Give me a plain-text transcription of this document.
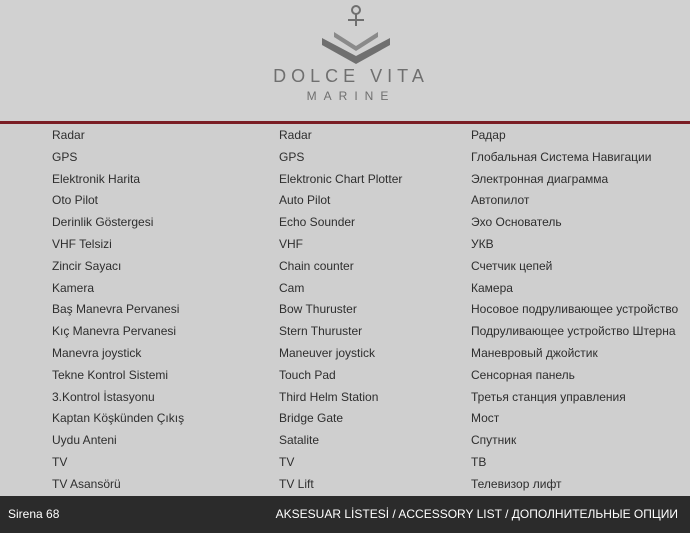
DOLCE VITA
MARINE
Radar	Radar	Радар
GPS	GPS	Глобальная Система Навигации
Elektronik Harita	Elektronic Chart Plotter	Электронная диаграмма
Oto Pilot	Auto Pilot	Автопилот
Derinlik Göstergesi	Echo Sounder	Эхо Основатель
VHF Telsizi	VHF	УКВ
Zincir Sayacı	Chain counter	Счетчик цепей
Kamera	Cam	Камера
Baş Manevra Pervanesi	Bow Thuruster	Носовое подруливающее устройство
Kıç Manevra Pervanesi	Stern Thuruster	Подруливающее устройство Штерна
Manevra joystick	Maneuver joystick	Маневровый джойстик
Tekne Kontrol Sistemi	Touch Pad	Сенсорная панель
3.Kontrol İstasyonu	Third Helm Station	Третья станция управления
Kaptan Köşkünden Çıkış	Bridge Gate	Мост
Uydu Anteni	Satalite	Спутник
TV	TV	ТВ
TV Asansörü	TV Lift	Телевизор лифт
Sirena 68	AKSESUAR LİSTESİ / ACCESSORY LIST / ДОПОЛНИТЕЛЬНЫЕ ОПЦИИ
